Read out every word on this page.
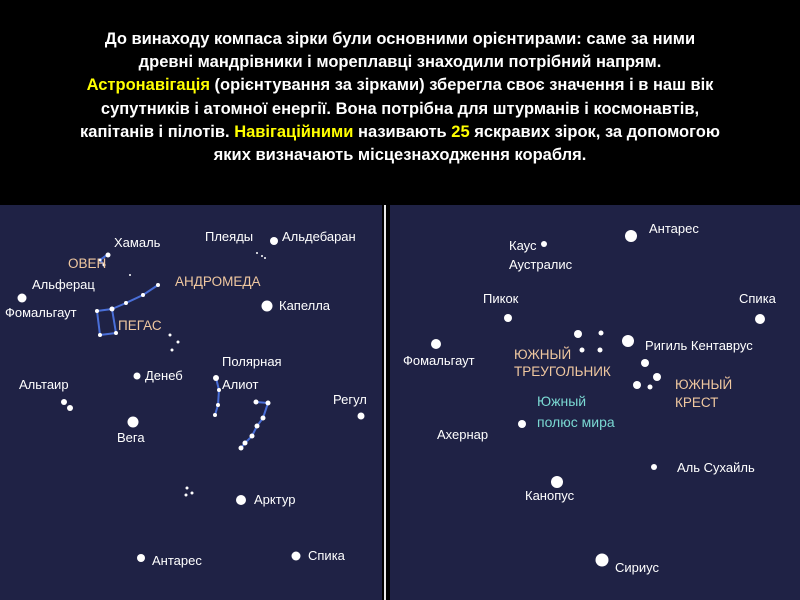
До винаходу компаса зірки були основними орієнтирами: саме за ними
древні мандрівники і мореплавці знаходили потрібний напрям.
Астронавігація (орієнтування за зірками) зберегла своє значення і в наш вік
супутників і атомної енергії. Вона потрібна для штурманів і космонавтів,
капітанів і пілотів. Навігаційними називають 25 яскравих зірок, за допомогою
яких визначають місцезнаходження корабля.
Хамаль	Плеяды Альдебаран
ОВЕН
АНДРОМЕДА
Альферац
Капелла
Фомальгаут
ПЕГАС
Полярная
Денеб
Альтаир	Алиот
Регул
Вега
Арктур
Антарес	Спика
Антарес
Каус
Аустралис
Пикок	Спика
ЮЖНЫЙ
ТРЕУГОЛЬНИК
Ригиль Кентаврус
Фомальгаут
ЮЖНЫЙ
КРЕСТ
Южный
полюс мира
Ахернар
Аль Сухайль
Канопус
Сириус
